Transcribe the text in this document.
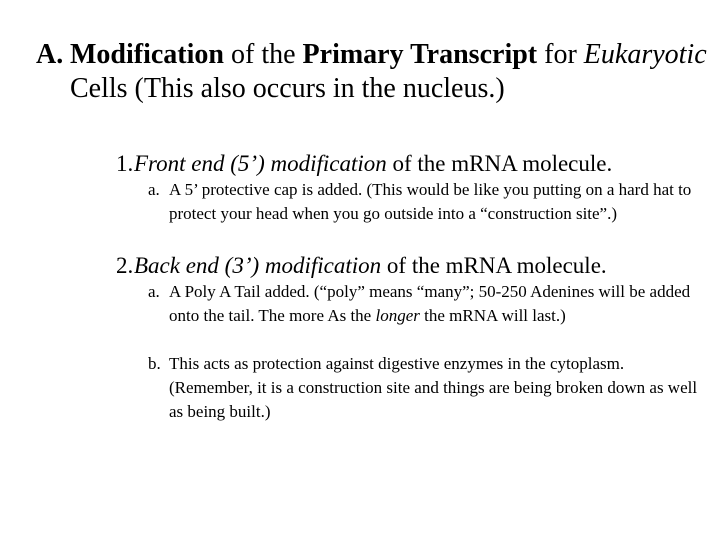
A. Modification of the Primary Transcript for Eukaryotic Cells (This also occurs in the nucleus.)
1.Front end (5’) modification of the mRNA molecule.
a. A 5’ protective cap is added. (This would be like you putting on a hard hat to protect your head when you go outside into a “construction site”.)
2.Back end (3’) modification of the mRNA molecule.
a. A Poly A Tail added. (“poly” means “many”; 50-250 Adenines will be added onto the tail. The more As the longer the mRNA will last.)
b. This acts as protection against digestive enzymes in the cytoplasm. (Remember, it is a construction site and things are being broken down as well as being built.)
